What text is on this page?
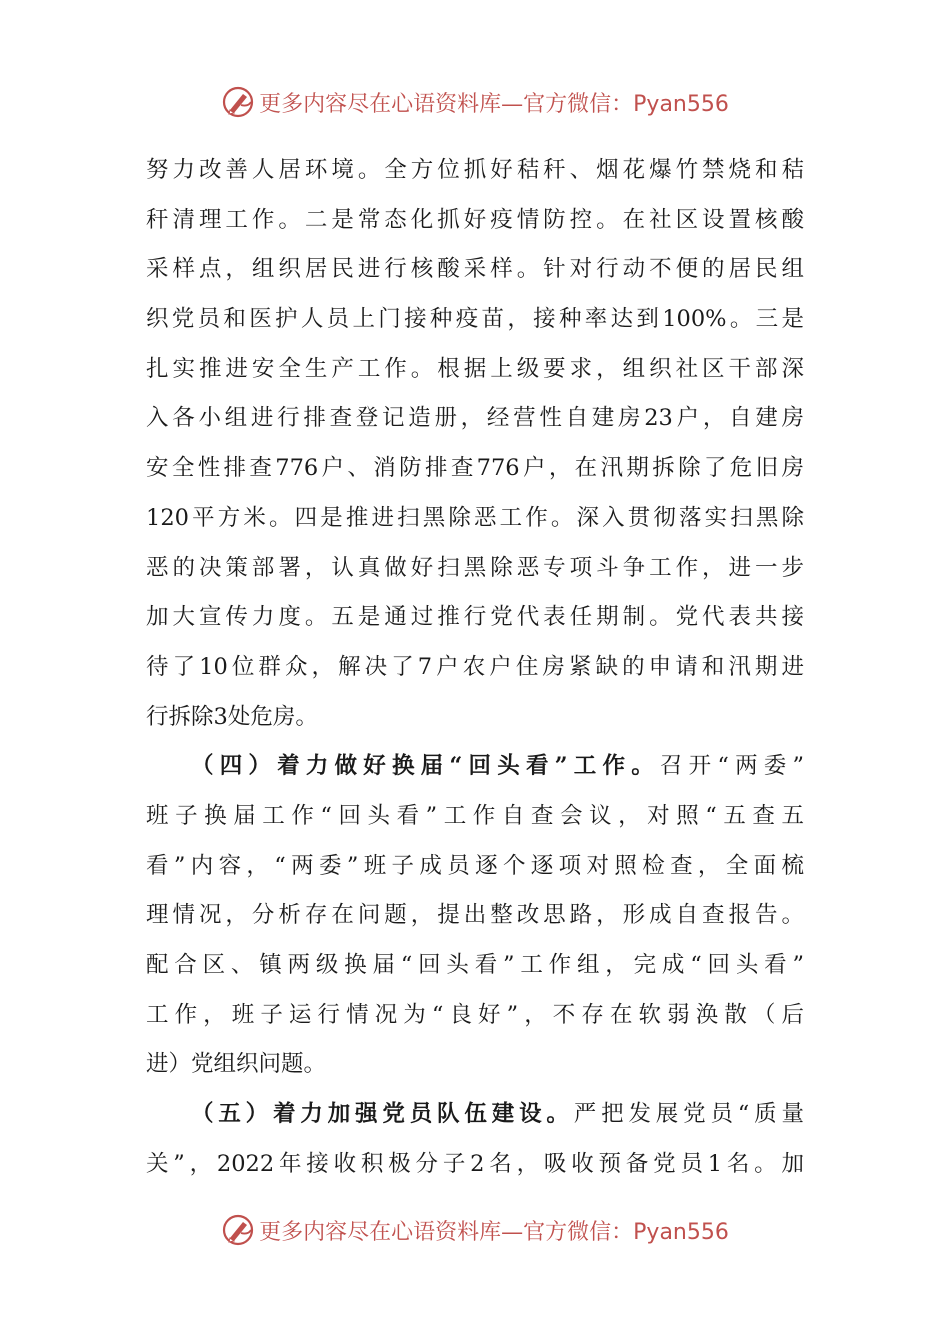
更多内容尽在心语资料库—官方微信：Pyan556
努力改善人居环境。全方位抓好秸秆、烟花爆竹禁烧和秸
秆清理工作。二是常态化抓好疫情防控。在社区设置核酸
采样点，组织居民进行核酸采样。针对行动不便的居民组
织党员和医护人员上门接种疫苗，接种率达到100%。三是
扎实推进安全生产工作。根据上级要求，组织社区干部深
入各小组进行排查登记造册，经营性自建房23户，自建房
安全性排查776户、消防排查776户，在汛期拆除了危旧房
120平方米。四是推进扫黑除恶工作。深入贯彻落实扫黑除
恶的决策部署，认真做好扫黑除恶专项斗争工作，进一步
加大宣传力度。五是通过推行党代表任期制。党代表共接
待了10位群众，解决了7户农户住房紧缺的申请和汛期进
行拆除3处危房。
（四）着力做好换届“回头看”工作。召开“两委”
班子换届工作“回头看”工作自查会议，对照“五查五
看”内容，“两委”班子成员逐个逐项对照检查，全面梳
理情况，分析存在问题，提出整改思路，形成自查报告。
配合区、镇两级换届“回头看”工作组，完成“回头看”
工作，班子运行情况为“良好”，不存在软弱涣散（后
进）党组织问题。
（五）着力加强党员队伍建设。严把发展党员“质量
关”，2022年接收积极分子2名，吸收预备党员1名。加
更多内容尽在心语资料库—官方微信：Pyan556
